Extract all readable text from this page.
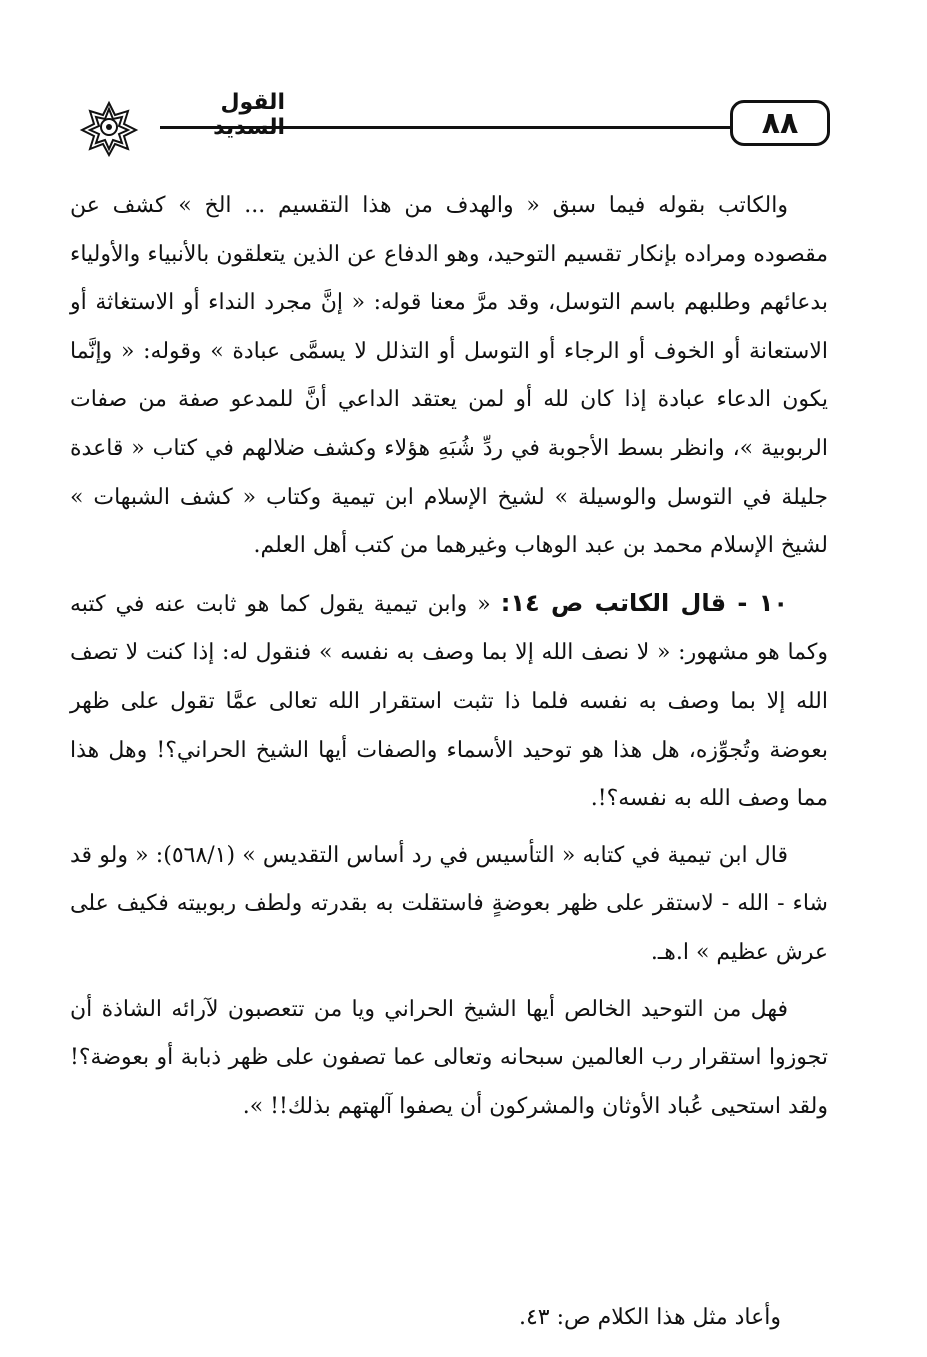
٨٨
القول السديد

والكاتب بقوله فيما سبق « والهدف من هذا التقسيم ... الخ » كشف عن مقصوده ومراده بإنكار تقسيم التوحيد، وهو الدفاع عن الذين يتعلقون بالأنبياء والأولياء بدعائهم وطلبهم باسم التوسل، وقد مرَّ معنا قوله: « إنَّ مجرد النداء أو الاستغاثة أو الاستعانة أو الخوف أو الرجاء أو التوسل أو التذلل لا يسمَّى عبادة » وقوله: « وإنَّما يكون الدعاء عبادة إذا كان لله أو لمن يعتقد الداعي أنَّ للمدعو صفة من صفات الربوبية »، وانظر بسط الأجوبة في ردِّ شُبَهِ هؤلاء وكشف ضلالهم في كتاب « قاعدة جليلة في التوسل والوسيلة » لشيخ الإسلام ابن تيمية وكتاب « كشف الشبهات » لشيخ الإسلام محمد بن عبد الوهاب وغيرهما من كتب أهل العلم.

١٠ - قال الكاتب ص ١٤: « وابن تيمية يقول كما هو ثابت عنه في كتبه وكما هو مشهور: « لا نصف الله إلا بما وصف به نفسه » فنقول له: إذا كنت لا تصف الله إلا بما وصف به نفسه فلما ذا تثبت استقرار الله تعالى عمَّا تقول على ظهر بعوضة وتُجوِّزه، هل هذا هو توحيد الأسماء والصفات أيها الشيخ الحراني؟! وهل هذا مما وصف الله به نفسه؟!.

قال ابن تيمية في كتابه « التأسيس في رد أساس التقديس » (٥٦٨/١): « ولو قد شاء - الله - لاستقر على ظهر بعوضةٍ فاستقلت به بقدرته ولطف ربوبيته فكيف على عرش عظيم » ا.هـ.

فهل من التوحيد الخالص أيها الشيخ الحراني ويا من تتعصبون لآرائه الشاذة أن تجوزوا استقرار رب العالمين سبحانه وتعالى عما تصفون على ظهر ذبابة أو بعوضة؟! ولقد استحيى عُباد الأوثان والمشركون أن يصفوا آلهتهم بذلك!! ».

وأعاد مثل هذا الكلام ص: ٤٣.
